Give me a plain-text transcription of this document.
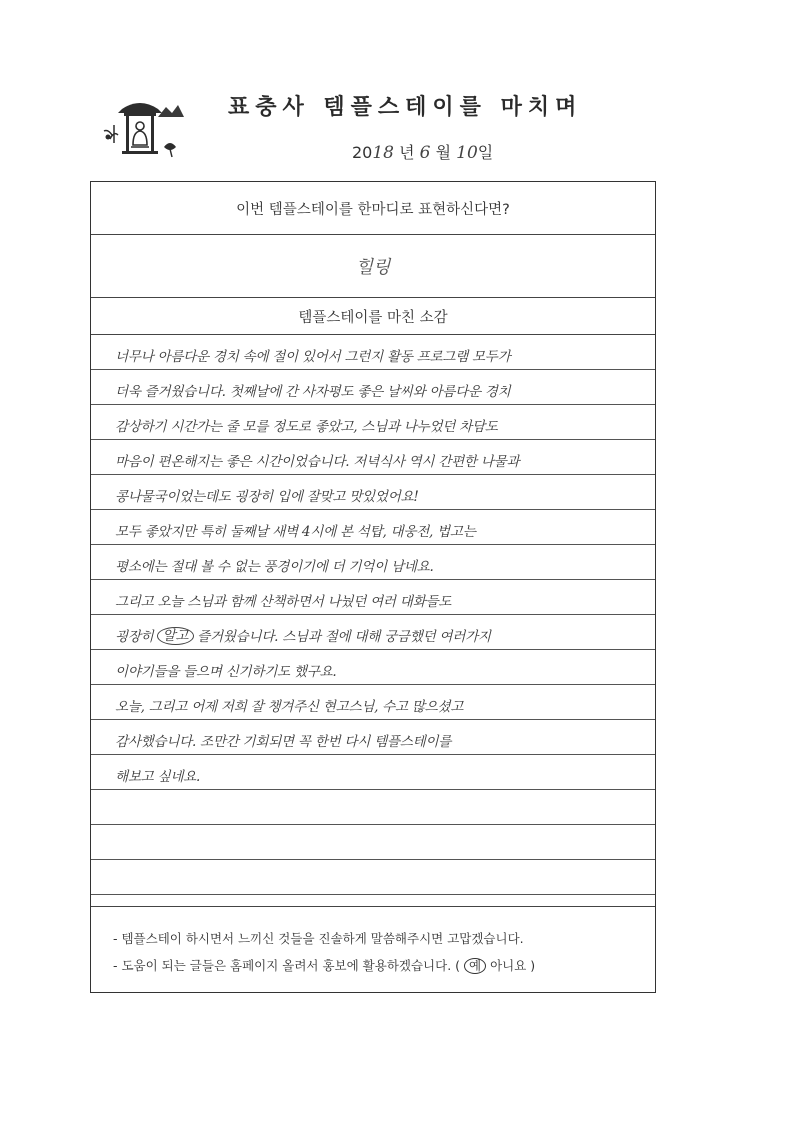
표충사 템플스테이를 마치며
2018 년 6 월 10일
이번 템플스테이를 한마디로 표현하신다면?
힐링
템플스테이를 마친 소감
너무나 아름다운 경치 속에 절이 있어서 그런지 활동 프로그램 모두가
더욱 즐거웠습니다. 첫째날에 간 사자평도 좋은 날씨와 아름다운 경치
감상하기 시간가는 줄 모를 정도로 좋았고, 스님과 나누었던 차담도
마음이 편온해지는 좋은 시간이었습니다. 저녁식사 역시 간편한 나물과
콩나물국이었는데도 굉장히 입에 잘맞고 맛있었어요!
모두 좋았지만 특히 둘째날 새벽 4시에 본 석탑, 대웅전, 법고는
평소에는 절대 볼 수 없는 풍경이기에 더 기억이 남네요.
그리고 오늘 스님과 함께 산책하면서 나눴던 여러 대화들도
굉장히 알고 즐거웠습니다. 스님과 절에 대해 궁금했던 여러가지
이야기들을 들으며 신기하기도 했구요.
오늘, 그리고 어제 저희 잘 챙겨주신 현고스님, 수고 많으셨고
감사했습니다. 조만간 기회되면 꼭 한번 다시 템플스테이를
해보고 싶네요.
- 템플스테이 하시면서 느끼신 것들을 진솔하게 말씀해주시면 고맙겠습니다.
- 도움이 되는 글들은 홈페이지 올려서 홍보에 활용하겠습니다. ( 예 아니요 )
